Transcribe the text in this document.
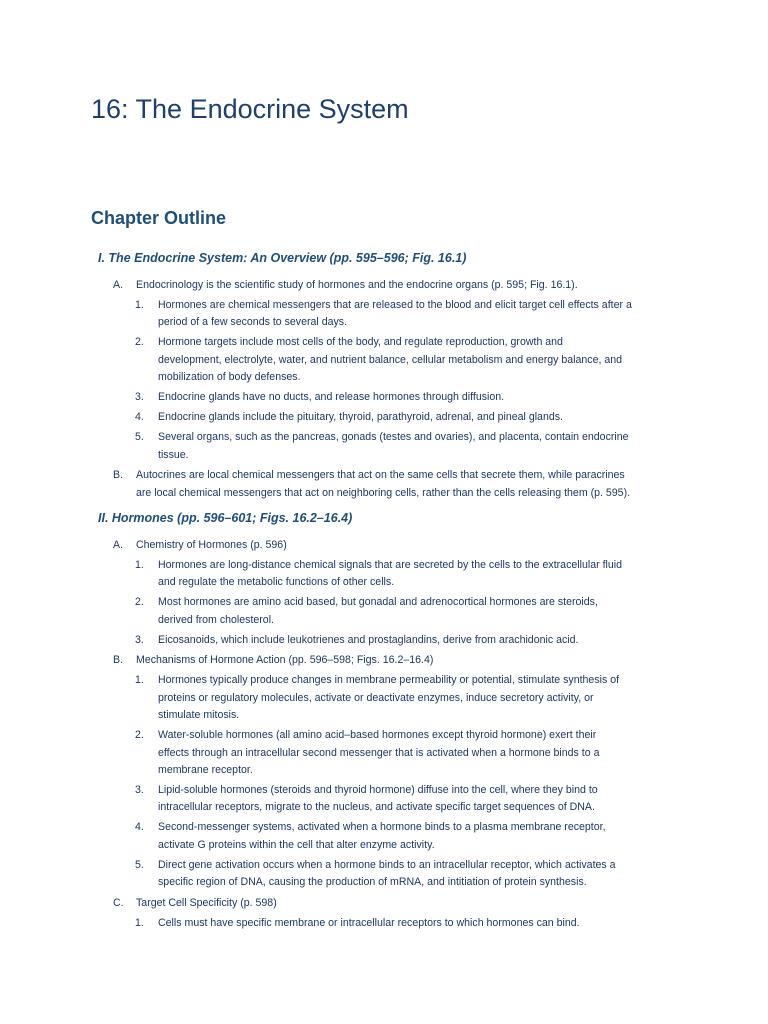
16: The Endocrine System
Chapter Outline
I. The Endocrine System: An Overview (pp. 595–596; Fig. 16.1)
A. Endocrinology is the scientific study of hormones and the endocrine organs (p. 595; Fig. 16.1).
1. Hormones are chemical messengers that are released to the blood and elicit target cell effects after a
period of a few seconds to several days.
2. Hormone targets include most cells of the body, and regulate reproduction, growth and
development, electrolyte, water, and nutrient balance, cellular metabolism and energy balance, and
mobilization of body defenses.
3. Endocrine glands have no ducts, and release hormones through diffusion.
4. Endocrine glands include the pituitary, thyroid, parathyroid, adrenal, and pineal glands.
5. Several organs, such as the pancreas, gonads (testes and ovaries), and placenta, contain endocrine
tissue.
B. Autocrines are local chemical messengers that act on the same cells that secrete them, while paracrines
are local chemical messengers that act on neighboring cells, rather than the cells releasing them (p. 595).
II. Hormones (pp. 596–601; Figs. 16.2–16.4)
A. Chemistry of Hormones (p. 596)
1. Hormones are long-distance chemical signals that are secreted by the cells to the extracellular fluid
and regulate the metabolic functions of other cells.
2. Most hormones are amino acid based, but gonadal and adrenocortical hormones are steroids,
derived from cholesterol.
3. Eicosanoids, which include leukotrienes and prostaglandins, derive from arachidonic acid.
B. Mechanisms of Hormone Action (pp. 596–598; Figs. 16.2–16.4)
1. Hormones typically produce changes in membrane permeability or potential, stimulate synthesis of
proteins or regulatory molecules, activate or deactivate enzymes, induce secretory activity, or
stimulate mitosis.
2. Water-soluble hormones (all amino acid–based hormones except thyroid hormone) exert their
effects through an intracellular second messenger that is activated when a hormone binds to a
membrane receptor.
3. Lipid-soluble hormones (steroids and thyroid hormone) diffuse into the cell, where they bind to
intracellular receptors, migrate to the nucleus, and activate specific target sequences of DNA.
4. Second-messenger systems, activated when a hormone binds to a plasma membrane receptor,
activate G proteins within the cell that alter enzyme activity.
5. Direct gene activation occurs when a hormone binds to an intracellular receptor, which activates a
specific region of DNA, causing the production of mRNA, and intitiation of protein synthesis.
C. Target Cell Specificity (p. 598)
1. Cells must have specific membrane or intracellular receptors to which hormones can bind.
